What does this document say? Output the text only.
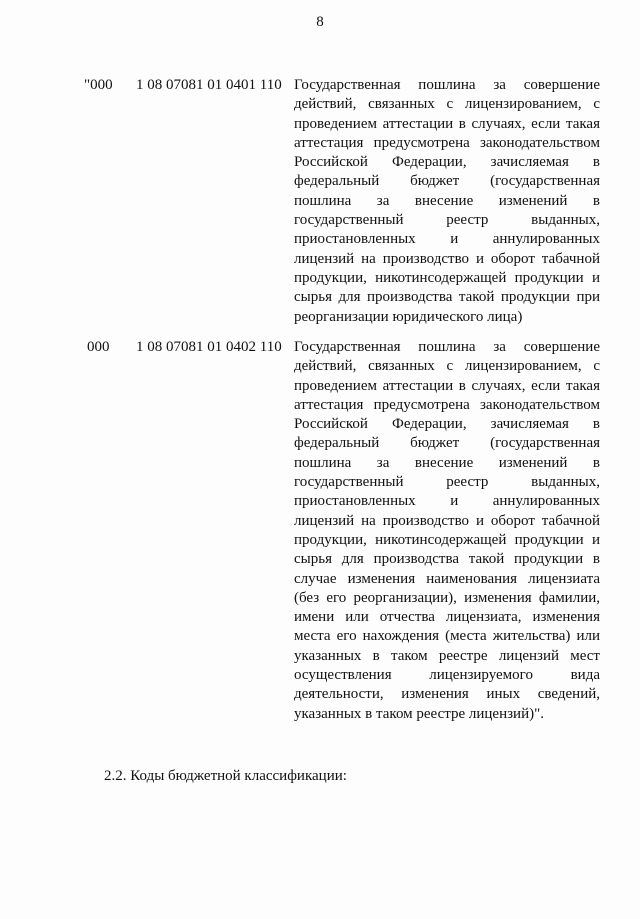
8
"000 1 08 07081 01 0401 110 Государственная пошлина за совершение действий, связанных с лицензированием, с проведением аттестации в случаях, если такая аттестация предусмотрена законодательством Российской Федерации, зачисляемая в федеральный бюджет (государственная пошлина за внесение изменений в государственный реестр выданных, приостановленных и аннулированных лицензий на производство и оборот табачной продукции, никотинсодержащей продукции и сырья для производства такой продукции при реорганизации юридического лица)
000 1 08 07081 01 0402 110 Государственная пошлина за совершение действий, связанных с лицензированием, с проведением аттестации в случаях, если такая аттестация предусмотрена законодательством Российской Федерации, зачисляемая в федеральный бюджет (государственная пошлина за внесение изменений в государственный реестр выданных, приостановленных и аннулированных лицензий на производство и оборот табачной продукции, никотинсодержащей продукции и сырья для производства такой продукции в случае изменения наименования лицензиата (без его реорганизации), изменения фамилии, имени или отчества лицензиата, изменения места его нахождения (места жительства) или указанных в таком реестре лицензий мест осуществления лицензируемого вида деятельности, изменения иных сведений, указанных в таком реестре лицензий)".
2.2. Коды бюджетной классификации:
